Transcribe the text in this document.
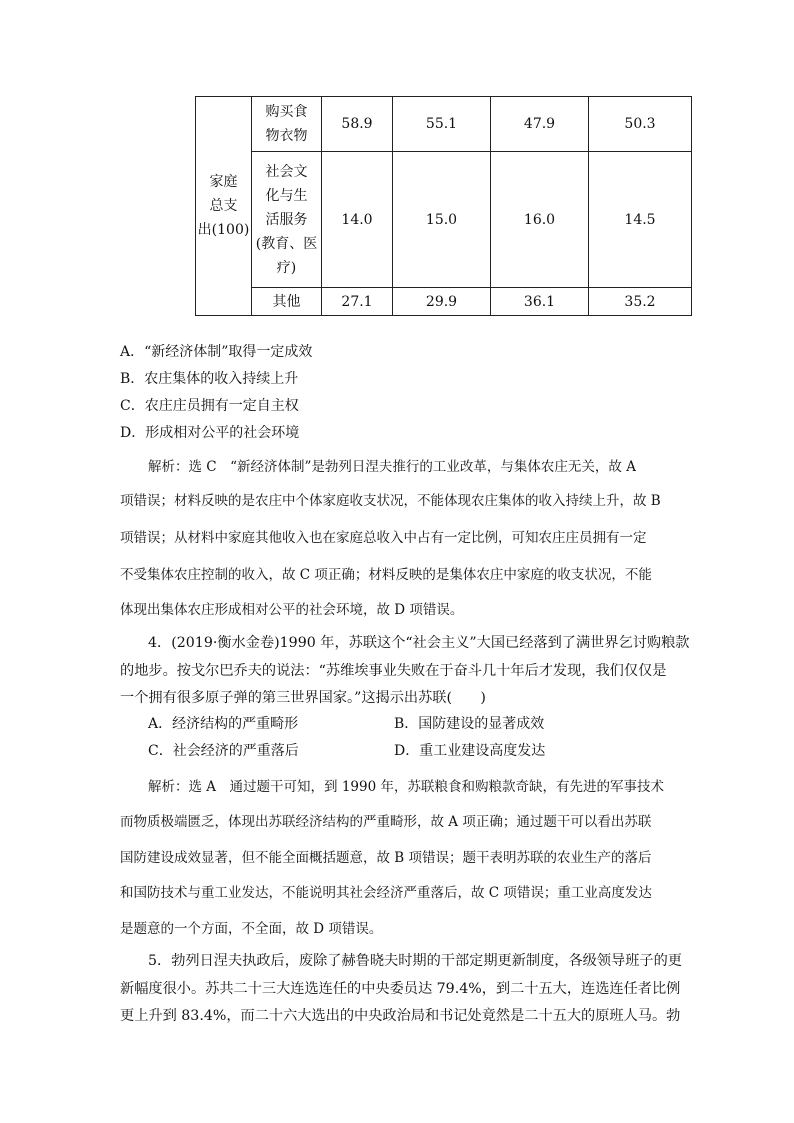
家庭
总支
出(100)	购买食
物衣物	58.9	55.1	47.9	50.3
	社会文
化与生
活服务
(教育、医
疗)	14.0	15.0	16.0	14.5
	其他	27.1	29.9	36.1	35.2
A．“新经济体制”取得一定成效
B．农庄集体的收入持续上升
C．农庄庄员拥有一定自主权
D．形成相对公平的社会环境
解析：选 C　“新经济体制”是勃列日涅夫推行的工业改革，与集体农庄无关，故 A
项错误；材料反映的是农庄中个体家庭收支状况，不能体现农庄集体的收入持续上升，故 B
项错误；从材料中家庭其他收入也在家庭总收入中占有一定比例，可知农庄庄员拥有一定
不受集体农庄控制的收入，故 C 项正确；材料反映的是集体农庄中家庭的收支状况，不能
体现出集体农庄形成相对公平的社会环境，故 D 项错误。
4．(2019·衡水金卷)1990 年，苏联这个“社会主义”大国已经落到了满世界乞讨购粮款
的地步。按戈尔巴乔夫的说法：“苏维埃事业失败在于奋斗几十年后才发现，我们仅仅是
一个拥有很多原子弹的第三世界国家。”这揭示出苏联(　　)
A．经济结构的严重畸形	B．国防建设的显著成效
C．社会经济的严重落后	D．重工业建设高度发达
解析：选 A　通过题干可知，到 1990 年，苏联粮食和购粮款奇缺，有先进的军事技术
而物质极端匮乏，体现出苏联经济结构的严重畸形，故 A 项正确；通过题干可以看出苏联
国防建设成效显著，但不能全面概括题意，故 B 项错误；题干表明苏联的农业生产的落后
和国防技术与重工业发达，不能说明其社会经济严重落后，故 C 项错误；重工业高度发达
是题意的一个方面，不全面，故 D 项错误。
5．勃列日涅夫执政后，废除了赫鲁晓夫时期的干部定期更新制度，各级领导班子的更
新幅度很小。苏共二十三大连选连任的中央委员达 79.4%，到二十五大，连选连任者比例
更上升到 83.4%，而二十六大选出的中央政治局和书记处竟然是二十五大的原班人马。勃
